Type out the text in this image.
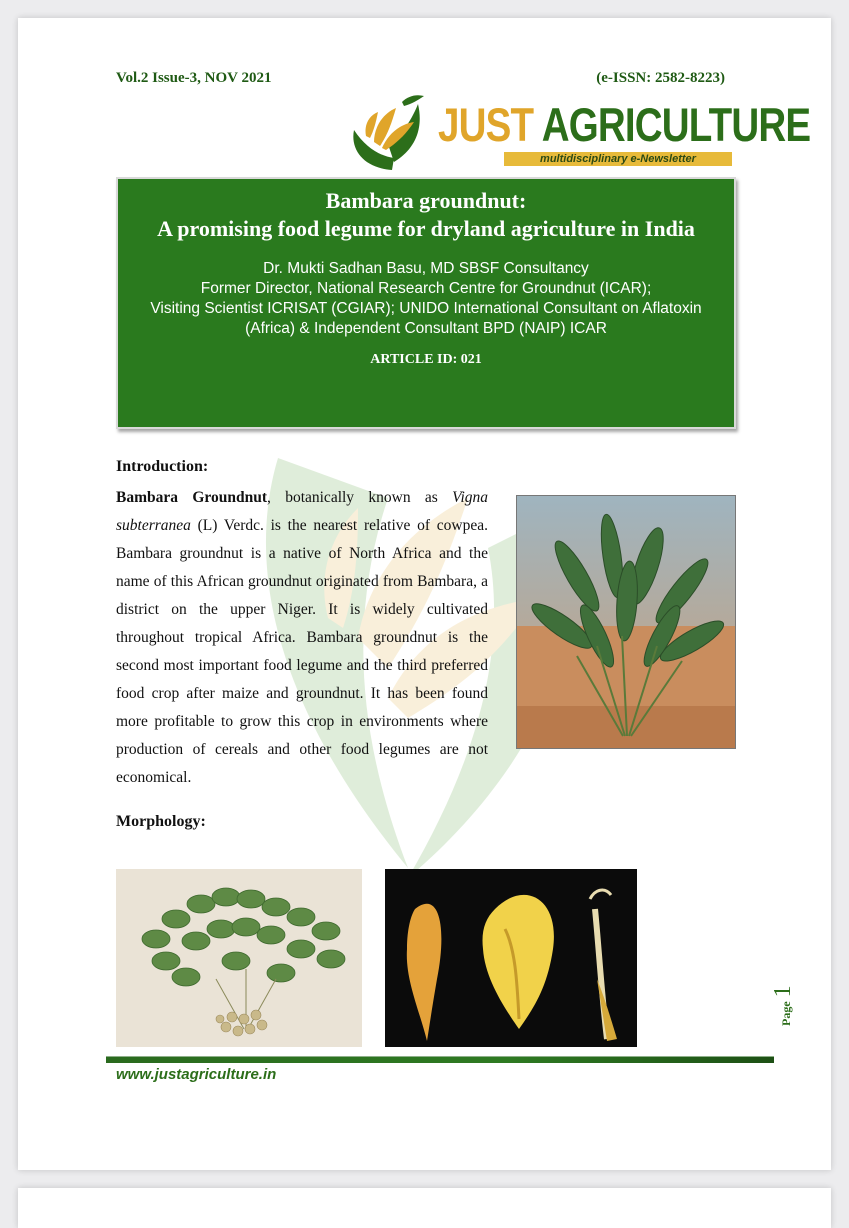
Vol.2 Issue-3, NOV 2021	(e-ISSN: 2582-8223)
JUST AGRICULTURE
multidisciplinary e-Newsletter
Bambara groundnut:
A promising food legume for dryland agriculture in India
Dr. Mukti Sadhan Basu, MD SBSF Consultancy
Former Director, National Research Centre for Groundnut (ICAR);
Visiting Scientist ICRISAT (CGIAR); UNIDO International Consultant on Aflatoxin (Africa) & Independent Consultant BPD (NAIP) ICAR
ARTICLE ID: 021
Introduction:

Bambara Groundnut, botanically known as Vigna subterranea (L) Verdc. is the nearest relative of cowpea. Bambara groundnut is a native of North Africa and the name of this African groundnut originated from Bambara, a district on the upper Niger. It is widely cultivated throughout tropical Africa. Bambara groundnut is the second most important food legume and the third preferred food crop after maize and groundnut. It has been found more profitable to grow this crop in environments where production of cereals and other food legumes are not economical.

Morphology:
www.justagriculture.in
Page 1
